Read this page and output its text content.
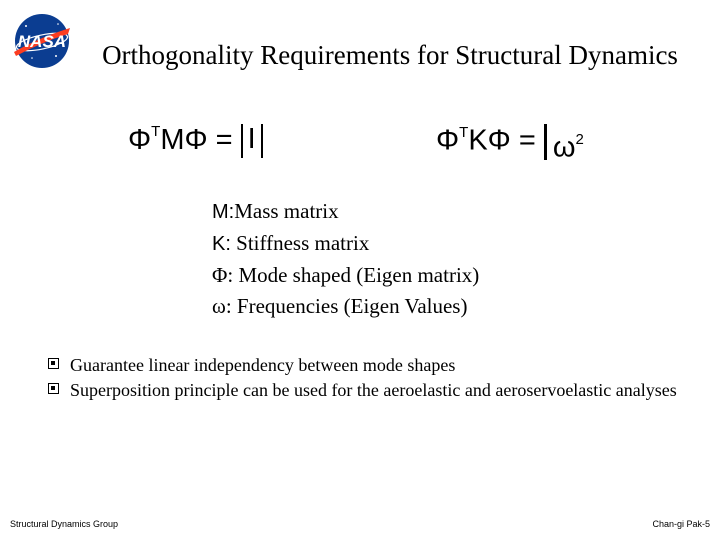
NASA	Orthogonality Requirements for Structural Dynamics
$\Phi^TM\Phi = I$	$\Phi^TK\Phi = \omega^2$
M:Mass matrix
K: Stiffness matrix
Φ: Mode shaped (Eigen matrix)
ω: Frequencies (Eigen Values)
Guarantee linear independency between mode shapes
Superposition principle can be used for the aeroelastic and aeroservoelastic analyses
Structural Dynamics Group	Chan-gi Pak-5
